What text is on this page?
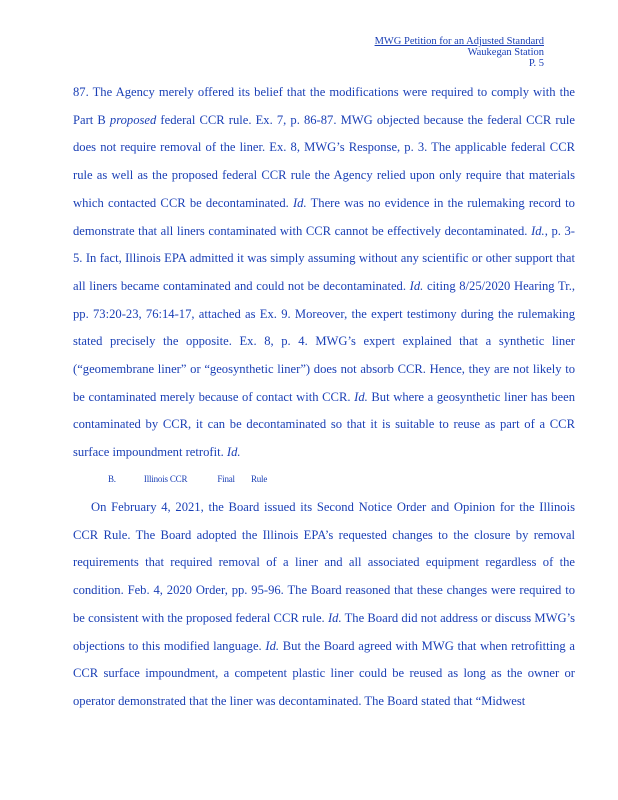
MWG Petition for an Adjusted Standard
Waukegan Station
P. 5

87. The Agency merely offered its belief that the modifications were required to comply with the Part B proposed federal CCR rule. Ex. 7, p. 86-87. MWG objected because the federal CCR rule does not require removal of the liner. Ex. 8, MWG’s Response, p. 3. The applicable federal CCR rule as well as the proposed federal CCR rule the Agency relied upon only require that materials which contacted CCR be decontaminated. Id. There was no evidence in the rulemaking record to demonstrate that all liners contaminated with CCR cannot be effectively decontaminated. Id., p. 3-5. In fact, Illinois EPA admitted it was simply assuming without any scientific or other support that all liners became contaminated and could not be decontaminated. Id. citing 8/25/2020 Hearing Tr., pp. 73:20-23, 76:14-17, attached as Ex. 9. Moreover, the expert testimony during the rulemaking stated precisely the opposite. Ex. 8, p. 4. MWG’s expert explained that a synthetic liner (“geomembrane liner” or “geosynthetic liner”) does not absorb CCR. Hence, they are not likely to be contaminated merely because of contact with CCR. Id. But where a geosynthetic liner has been contaminated by CCR, it can be decontaminated so that it is suitable to reuse as part of a CCR surface impoundment retrofit. Id.

B.	Illinois CCR	Final Rule

On February 4, 2021, the Board issued its Second Notice Order and Opinion for the Illinois CCR Rule. The Board adopted the Illinois EPA’s requested changes to the closure by removal requirements that required removal of a liner and all associated equipment regardless of the condition. Feb. 4, 2020 Order, pp. 95-96. The Board reasoned that these changes were required to be consistent with the proposed federal CCR rule. Id. The Board did not address or discuss MWG’s objections to this modified language. Id. But the Board agreed with MWG that when retrofitting a CCR surface impoundment, a competent plastic liner could be reused as long as the owner or operator demonstrated that the liner was decontaminated. The Board stated that “Midwest
